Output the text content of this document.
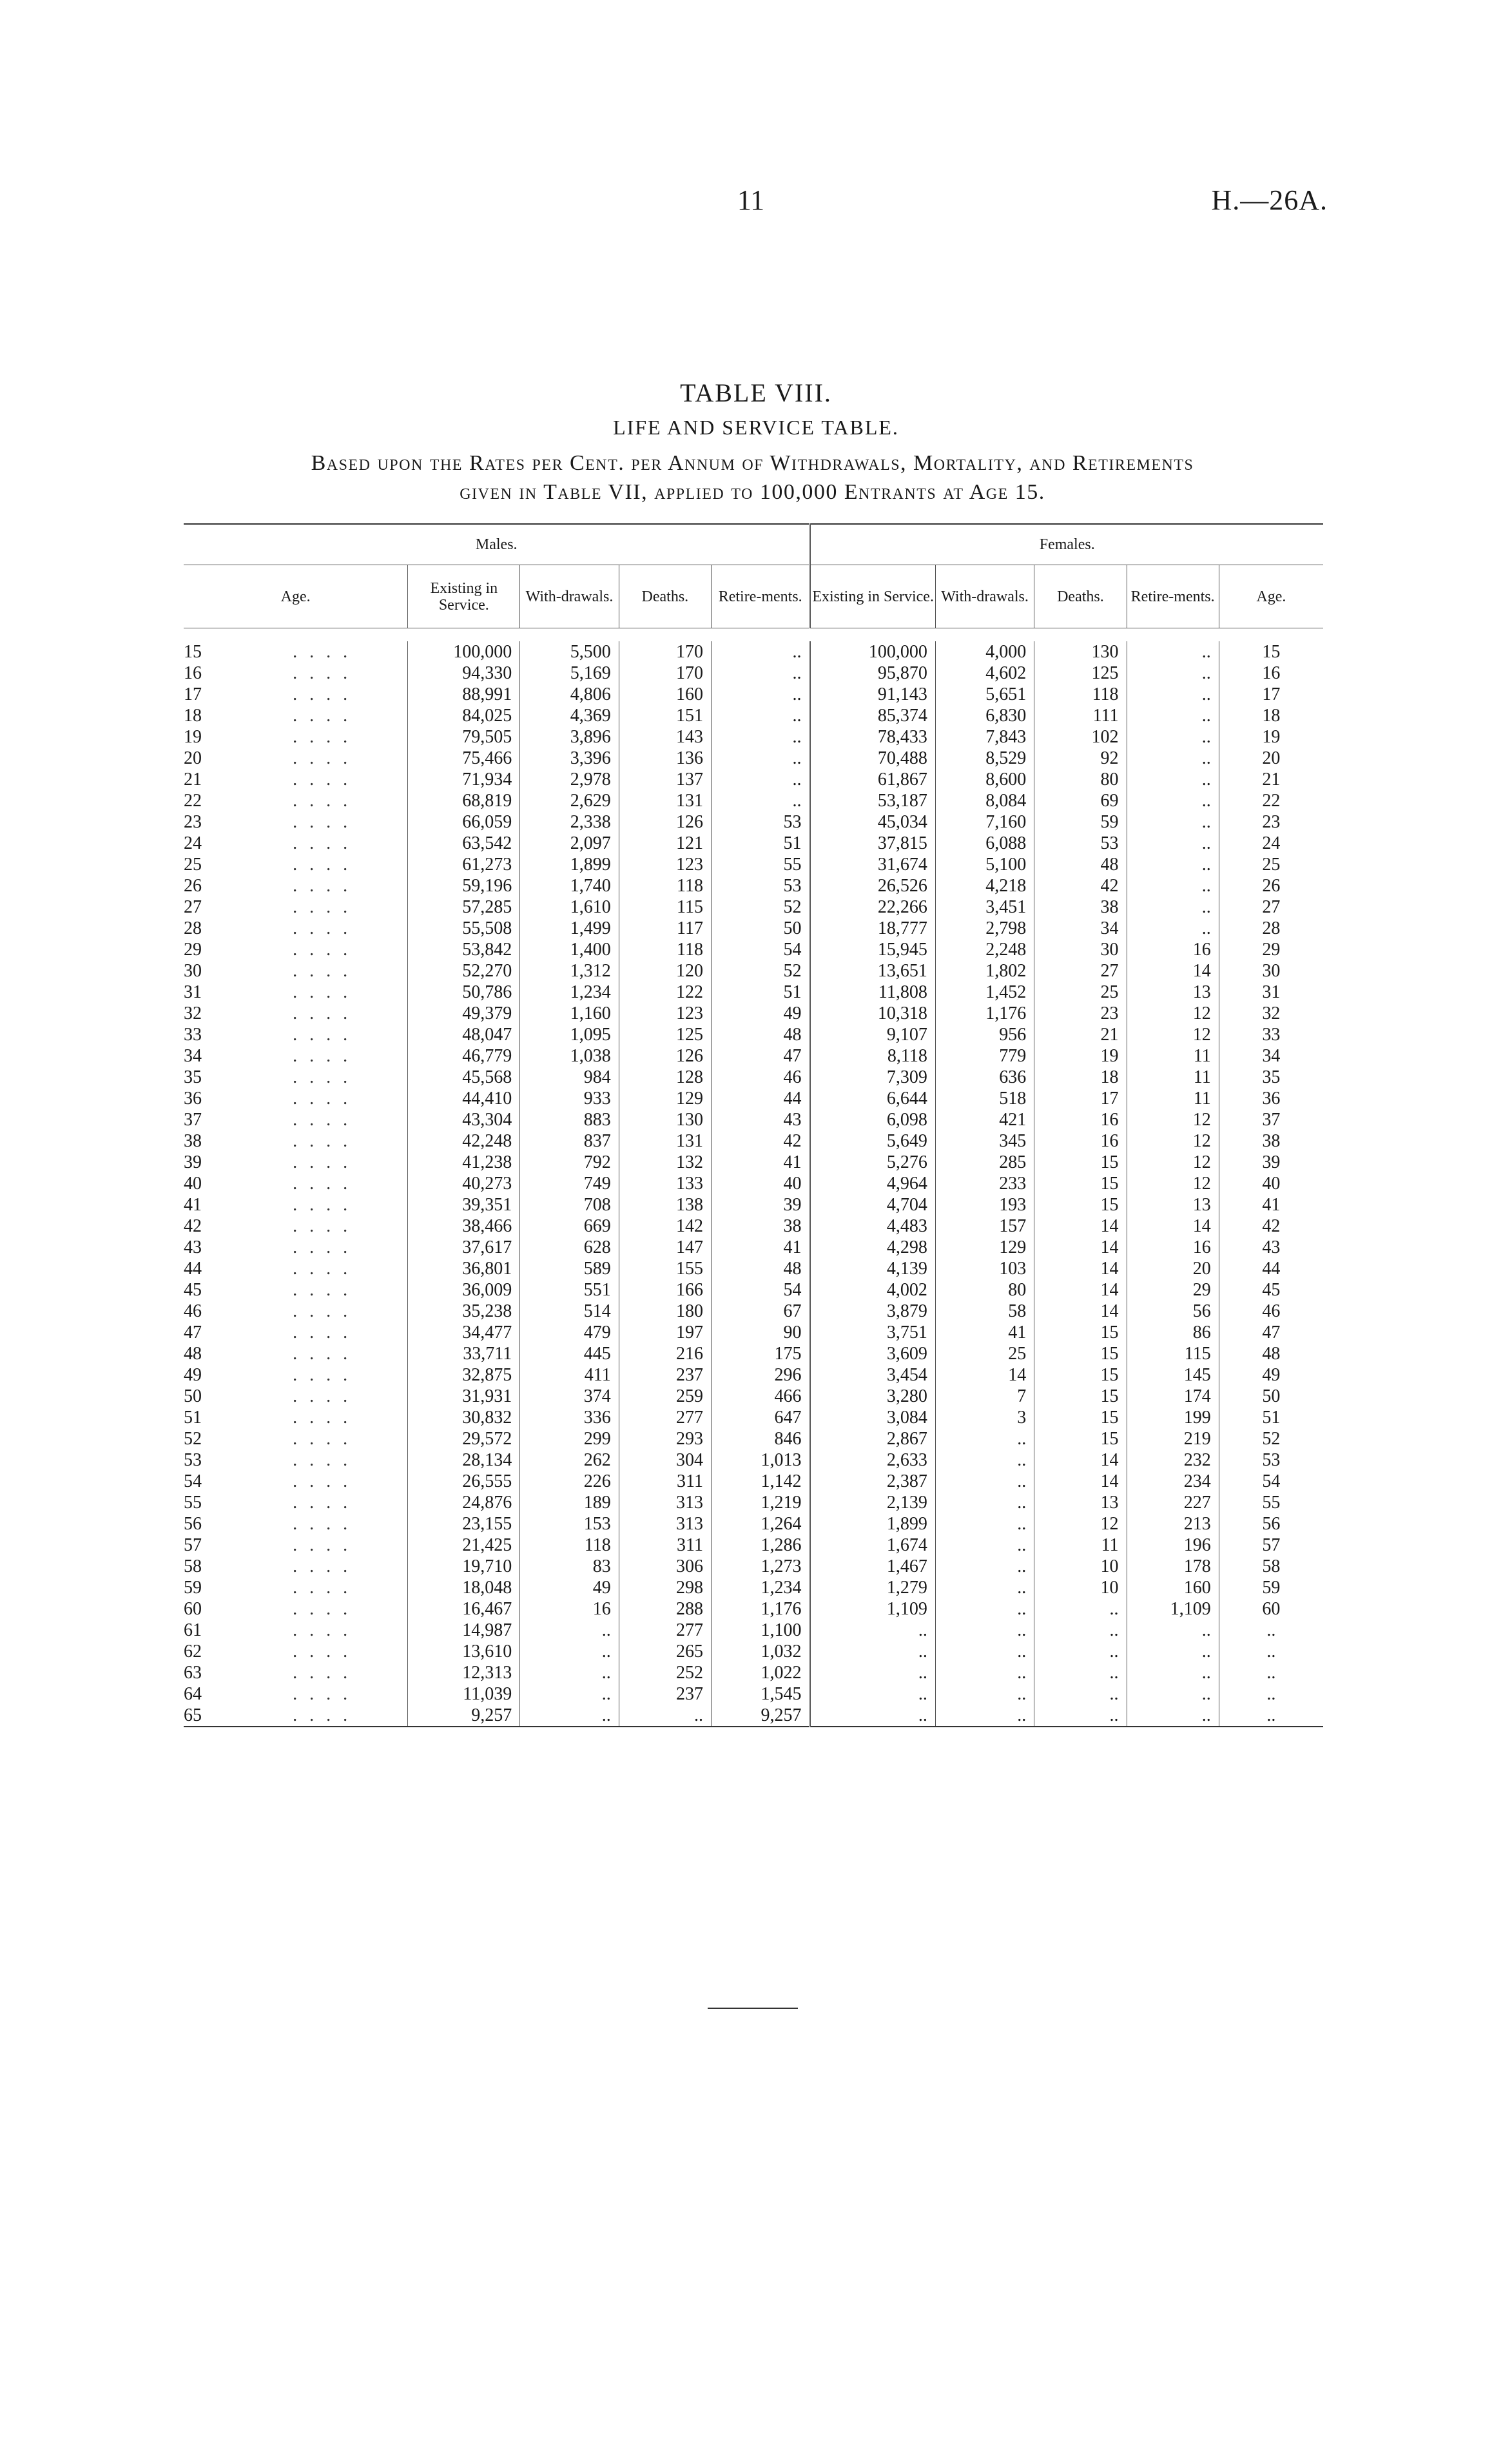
11	H.—26A.
TABLE VIII.
LIFE AND SERVICE TABLE.
Based upon the Rates per Cent. per Annum of Withdrawals, Mortality, and Retirements
given in Table VII, applied to 100,000 Entrants at Age 15.
Males.						Females.				
Age.		Existing in Service.	With-drawals.	Deaths.	Retire-ments.	Existing in Service.	With-drawals.	Deaths.	Retire-ments.	Age.

15	. . . .	100,000	5,500	170	..	100,000	4,000	130	..	15
16	. . . .	94,330	5,169	170	..	95,870	4,602	125	..	16
17	. . . .	88,991	4,806	160	..	91,143	5,651	118	..	17
18	. . . .	84,025	4,369	151	..	85,374	6,830	111	..	18
19	. . . .	79,505	3,896	143	..	78,433	7,843	102	..	19
20	. . . .	75,466	3,396	136	..	70,488	8,529	92	..	20
21	. . . .	71,934	2,978	137	..	61,867	8,600	80	..	21
22	. . . .	68,819	2,629	131	..	53,187	8,084	69	..	22
23	. . . .	66,059	2,338	126	53	45,034	7,160	59	..	23
24	. . . .	63,542	2,097	121	51	37,815	6,088	53	..	24
25	. . . .	61,273	1,899	123	55	31,674	5,100	48	..	25
26	. . . .	59,196	1,740	118	53	26,526	4,218	42	..	26
27	. . . .	57,285	1,610	115	52	22,266	3,451	38	..	27
28	. . . .	55,508	1,499	117	50	18,777	2,798	34	..	28
29	. . . .	53,842	1,400	118	54	15,945	2,248	30	16	29
30	. . . .	52,270	1,312	120	52	13,651	1,802	27	14	30
31	. . . .	50,786	1,234	122	51	11,808	1,452	25	13	31
32	. . . .	49,379	1,160	123	49	10,318	1,176	23	12	32
33	. . . .	48,047	1,095	125	48	9,107	956	21	12	33
34	. . . .	46,779	1,038	126	47	8,118	779	19	11	34
35	. . . .	45,568	984	128	46	7,309	636	18	11	35
36	. . . .	44,410	933	129	44	6,644	518	17	11	36
37	. . . .	43,304	883	130	43	6,098	421	16	12	37
38	. . . .	42,248	837	131	42	5,649	345	16	12	38
39	. . . .	41,238	792	132	41	5,276	285	15	12	39
40	. . . .	40,273	749	133	40	4,964	233	15	12	40
41	. . . .	39,351	708	138	39	4,704	193	15	13	41
42	. . . .	38,466	669	142	38	4,483	157	14	14	42
43	. . . .	37,617	628	147	41	4,298	129	14	16	43
44	. . . .	36,801	589	155	48	4,139	103	14	20	44
45	. . . .	36,009	551	166	54	4,002	80	14	29	45
46	. . . .	35,238	514	180	67	3,879	58	14	56	46
47	. . . .	34,477	479	197	90	3,751	41	15	86	47
48	. . . .	33,711	445	216	175	3,609	25	15	115	48
49	. . . .	32,875	411	237	296	3,454	14	15	145	49
50	. . . .	31,931	374	259	466	3,280	7	15	174	50
51	. . . .	30,832	336	277	647	3,084	3	15	199	51
52	. . . .	29,572	299	293	846	2,867	..	15	219	52
53	. . . .	28,134	262	304	1,013	2,633	..	14	232	53
54	. . . .	26,555	226	311	1,142	2,387	..	14	234	54
55	. . . .	24,876	189	313	1,219	2,139	..	13	227	55
56	. . . .	23,155	153	313	1,264	1,899	..	12	213	56
57	. . . .	21,425	118	311	1,286	1,674	..	11	196	57
58	. . . .	19,710	83	306	1,273	1,467	..	10	178	58
59	. . . .	18,048	49	298	1,234	1,279	..	10	160	59
60	. . . .	16,467	16	288	1,176	1,109	..	..	1,109	60
61	. . . .	14,987	..	277	1,100	..	..	..	..	..
62	. . . .	13,610	..	265	1,032	..	..	..	..	..
63	. . . .	12,313	..	252	1,022	..	..	..	..	..
64	. . . .	11,039	..	237	1,545	..	..	..	..	..
65	. . . .	9,257	..	..	9,257	..	..	..	..	..
